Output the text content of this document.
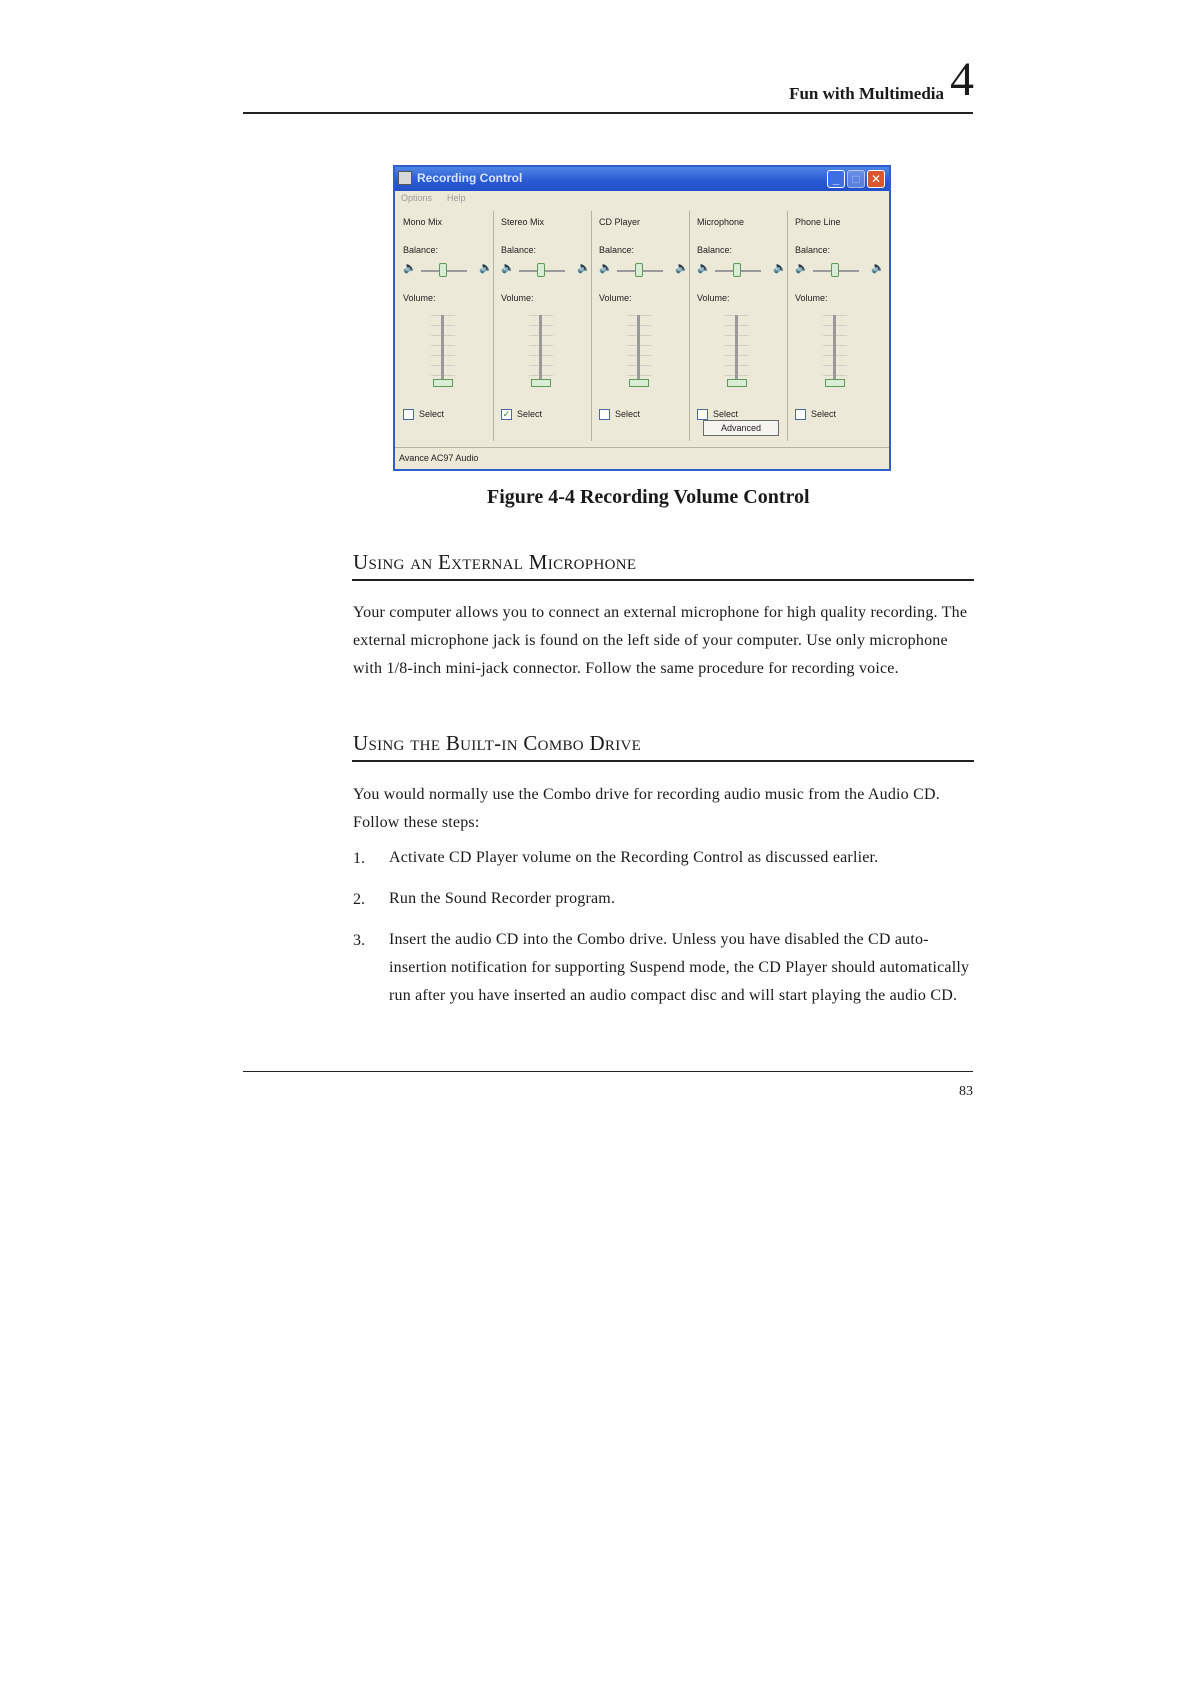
Fun with Multimedia 4
Recording Control	_	□ ✕
Options Help
Mono Mix
Balance:
🔈	🔈
Volume:
Select
Stereo Mix
Balance:
🔈	🔈
Volume:
✓ Select
CD Player
Balance:
🔈	🔈
Volume:
Select
Microphone
Balance:
🔈	🔈
Volume:
Select
Phone Line
Balance:
🔈	🔈
Volume:
Select
Advanced
Avance AC97 Audio
Figure 4-4 Recording Volume Control
Using an External Microphone
Your computer allows you to connect an external microphone for high quality recording. The external microphone jack is found on the left side of your computer. Use only microphone with 1/8-inch mini-jack connector. Follow the same procedure for recording voice.
Using the Built-in Combo Drive
You would normally use the Combo drive for recording audio music from the Audio CD. Follow these steps:
1. Activate CD Player volume on the Recording Control as discussed earlier.
2. Run the Sound Recorder program.
3. Insert the audio CD into the Combo drive. Unless you have disabled the CD auto-insertion notification for supporting Suspend mode, the CD Player should automatically run after you have inserted an audio compact disc and will start playing the audio CD.
83
